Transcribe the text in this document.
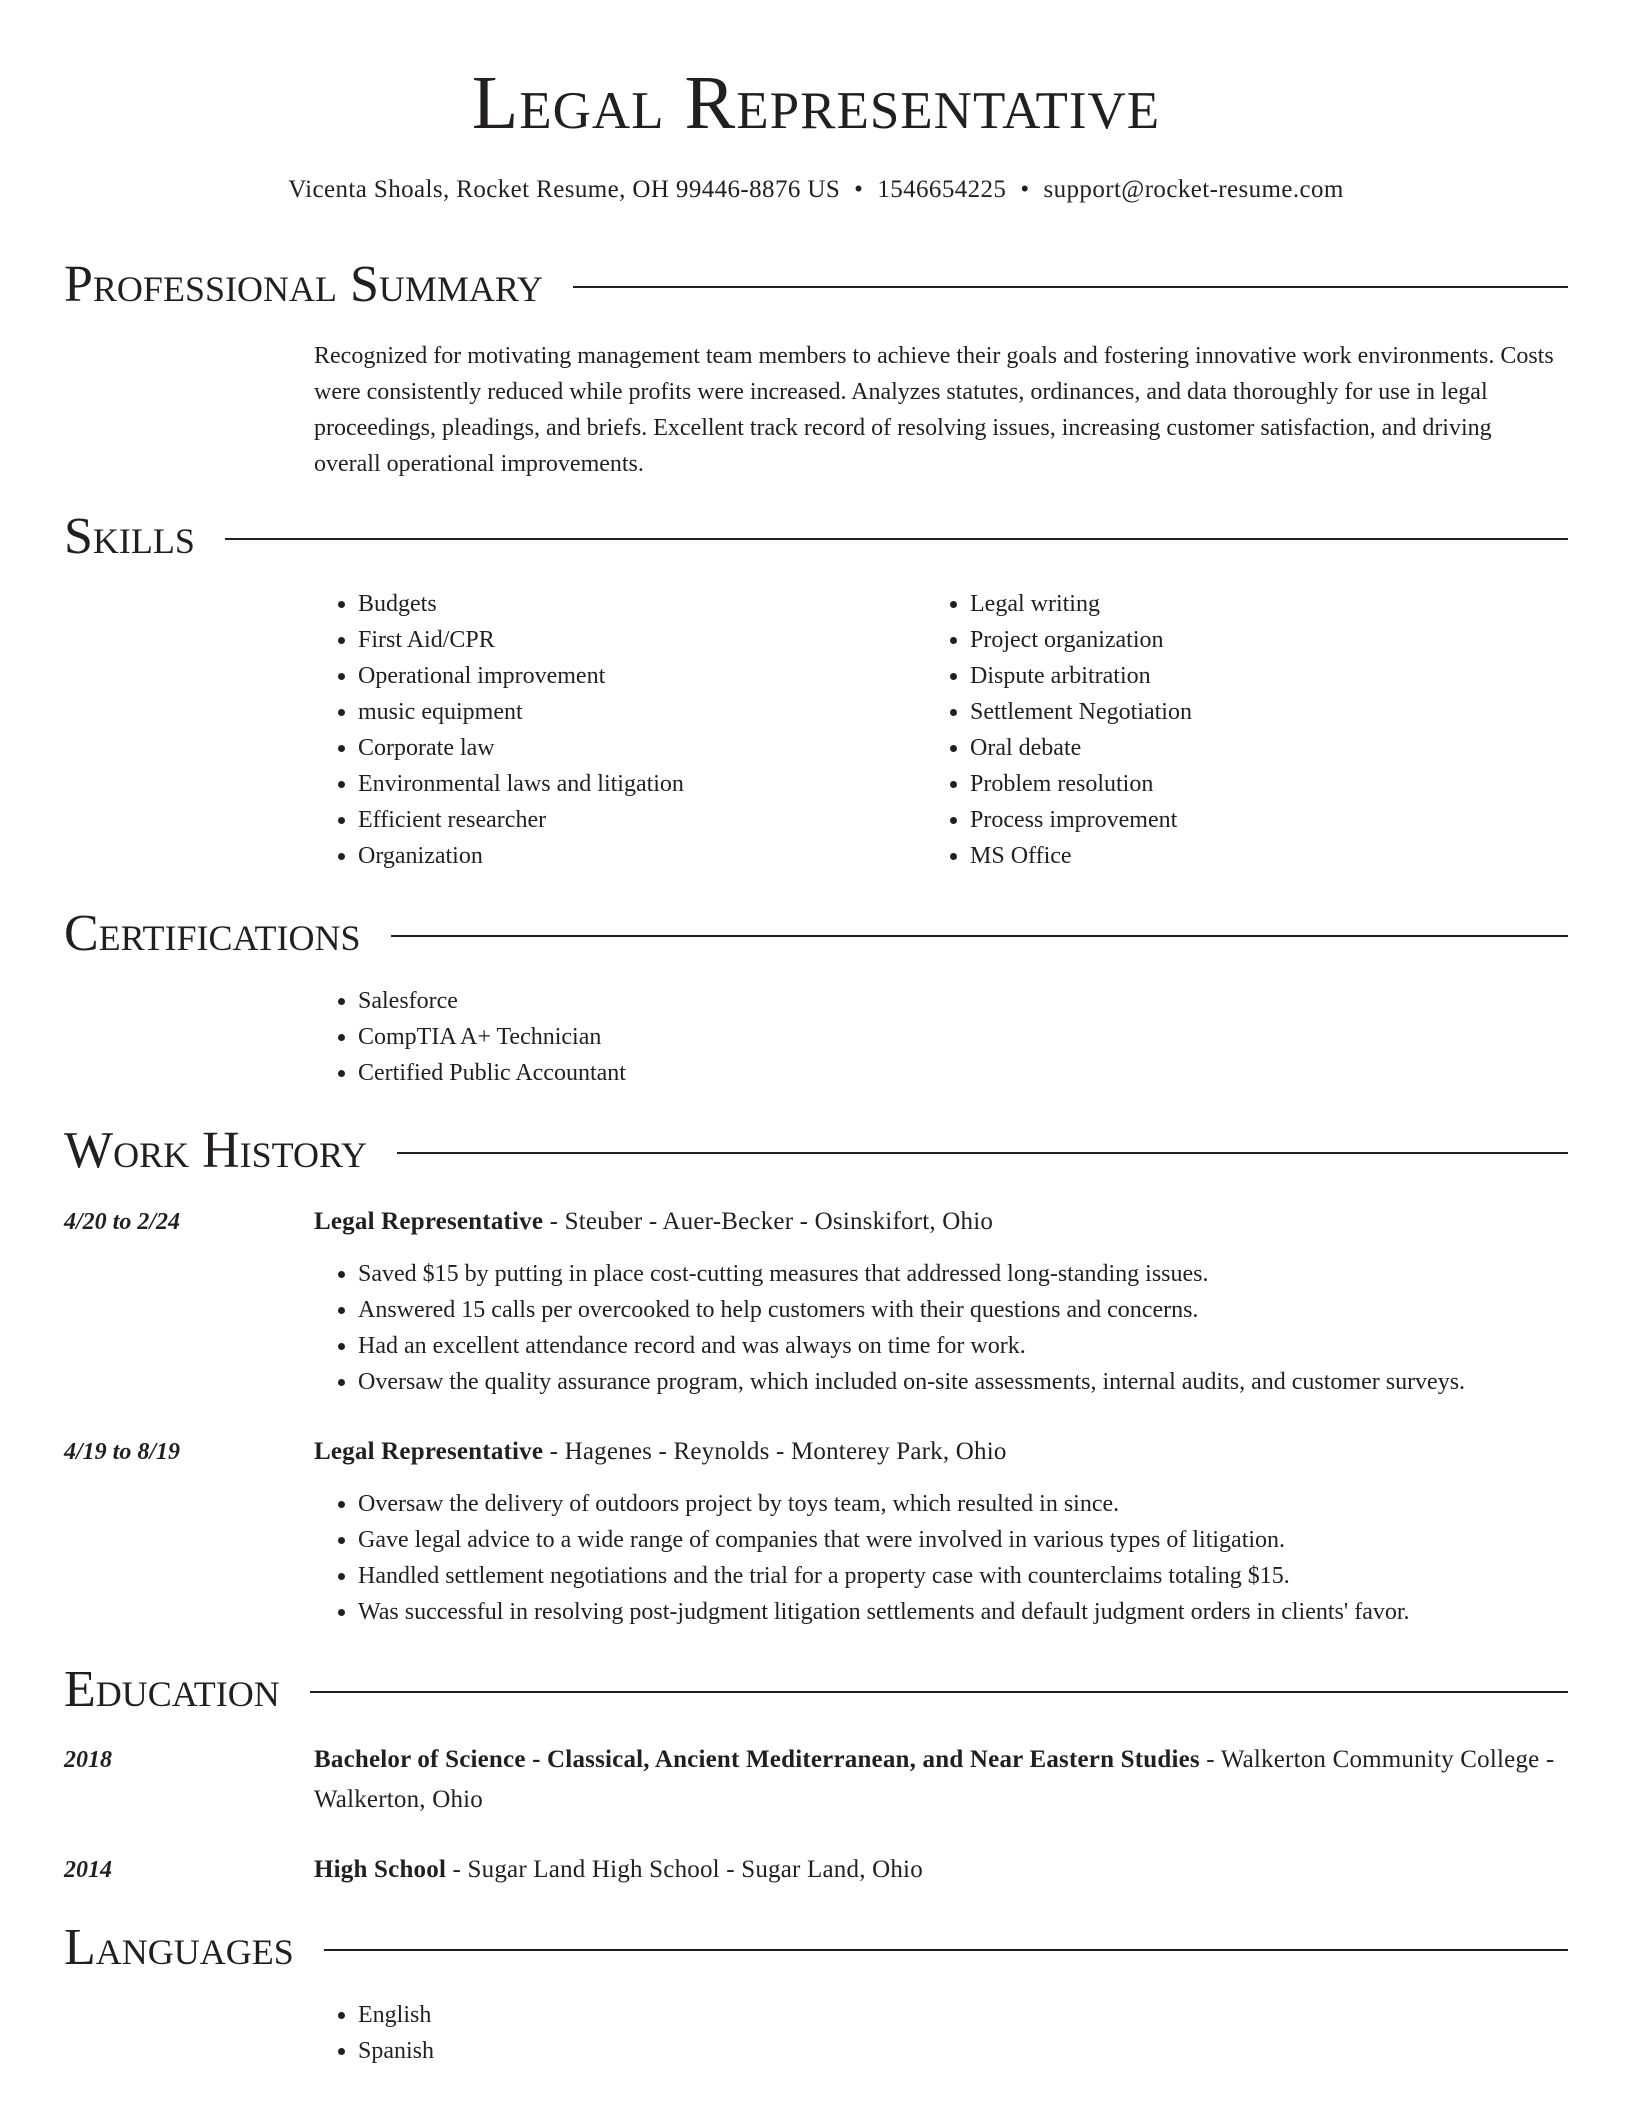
Legal Representative
Vicenta Shoals, Rocket Resume, OH 99446-8876 US • 1546654225 • support@rocket-resume.com
Professional Summary

Recognized for motivating management team members to achieve their goals and fostering innovative work environments. Costs were consistently reduced while profits were increased. Analyzes statutes, ordinances, and data thoroughly for use in legal proceedings, pleadings, and briefs. Excellent track record of resolving issues, increasing customer satisfaction, and driving overall operational improvements.

Skills
• Budgets
• First Aid/CPR
• Operational improvement
• music equipment
• Corporate law
• Environmental laws and litigation
• Efficient researcher
• Organization
• Legal writing
• Project organization
• Dispute arbitration
• Settlement Negotiation
• Oral debate
• Problem resolution
• Process improvement
• MS Office
Certifications
• Salesforce
• CompTIA A+ Technician
• Certified Public Accountant
Work History
4/20 to 2/24	Legal Representative - Steuber - Auer-Becker - Osinskifort, Ohio
• Saved $15 by putting in place cost-cutting measures that addressed long-standing issues.
• Answered 15 calls per overcooked to help customers with their questions and concerns.
• Had an excellent attendance record and was always on time for work.
• Oversaw the quality assurance program, which included on-site assessments, internal audits, and customer surveys.
4/19 to 8/19	Legal Representative - Hagenes - Reynolds - Monterey Park, Ohio
• Oversaw the delivery of outdoors project by toys team, which resulted in since.
• Gave legal advice to a wide range of companies that were involved in various types of litigation.
• Handled settlement negotiations and the trial for a property case with counterclaims totaling $15.
• Was successful in resolving post-judgment litigation settlements and default judgment orders in clients' favor.
Education
2018	Bachelor of Science - Classical, Ancient Mediterranean, and Near Eastern Studies - Walkerton Community College - Walkerton, Ohio
2014	High School - Sugar Land High School - Sugar Land, Ohio
Languages
• English
• Spanish
